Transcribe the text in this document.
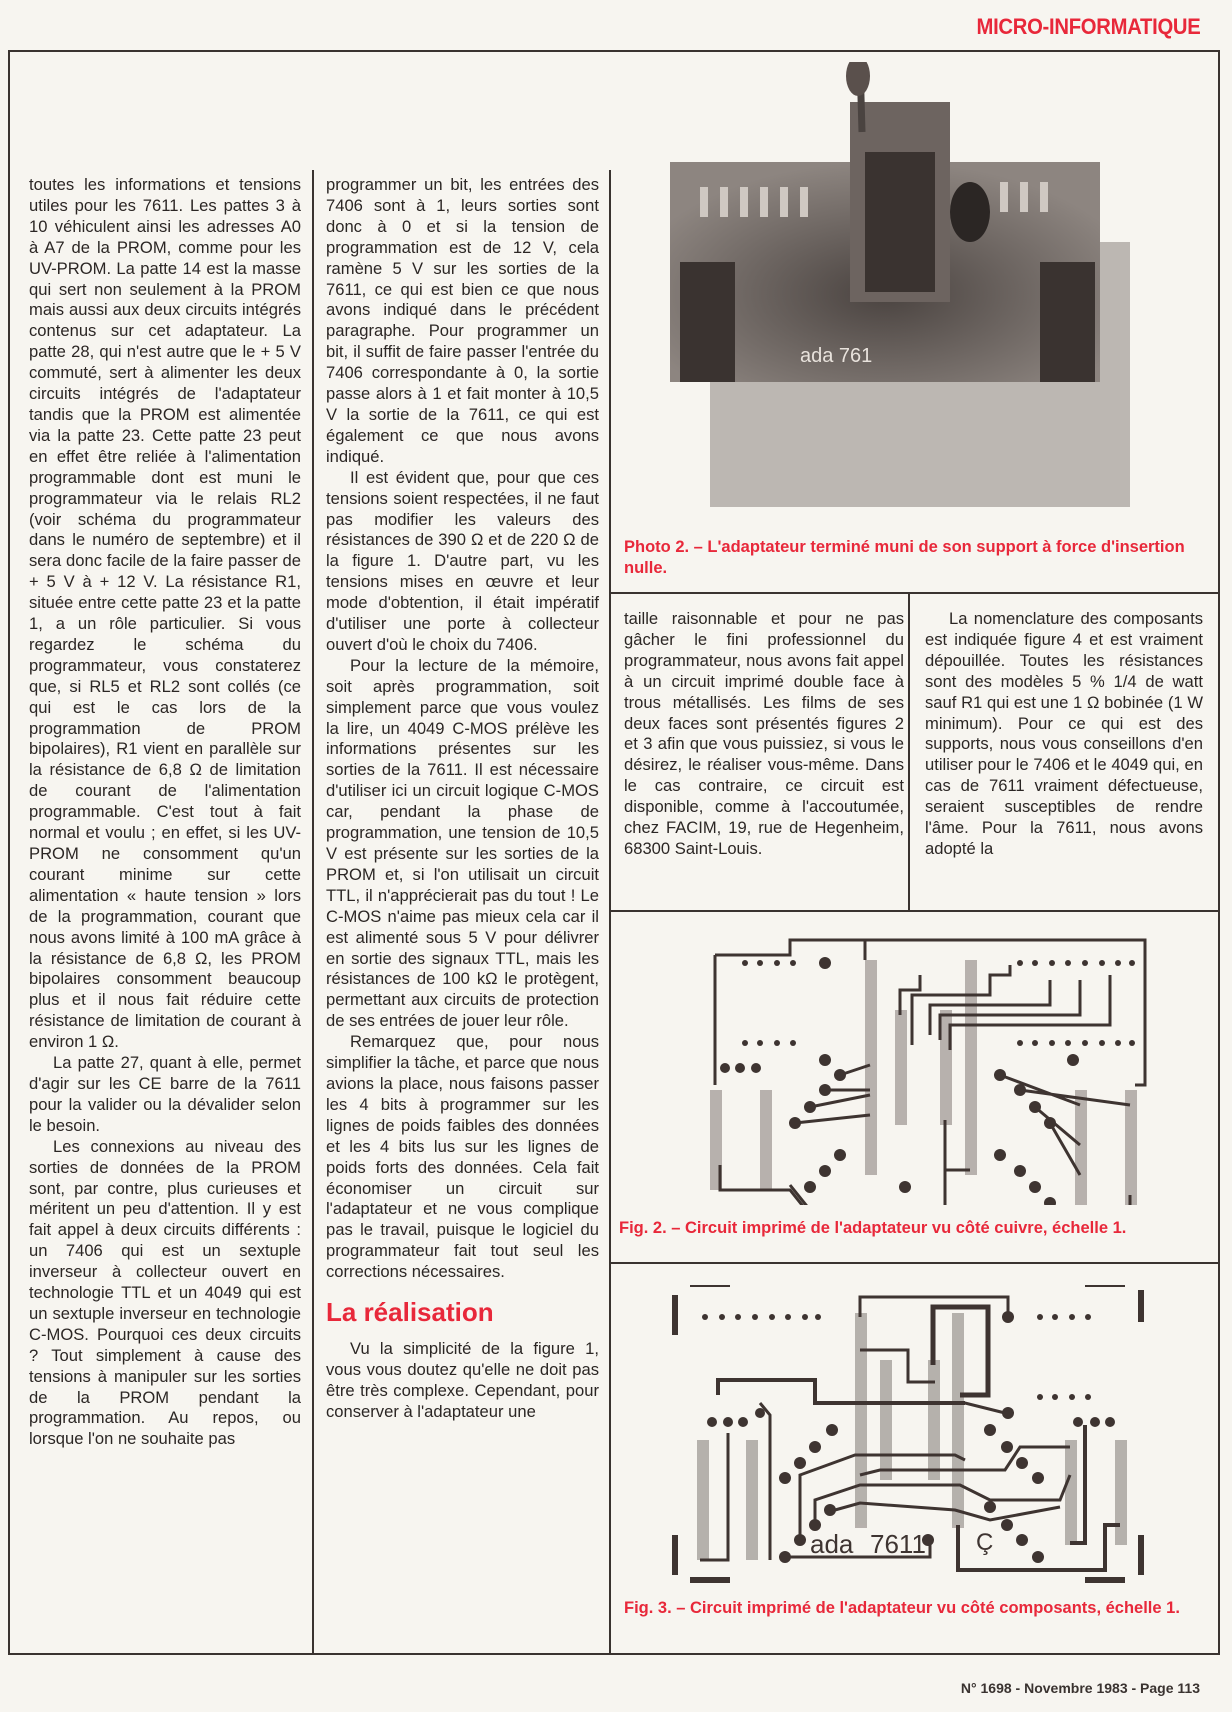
MICRO-INFORMATIQUE

toutes les informations et tensions utiles pour les 7611. Les pattes 3 à 10 véhiculent ainsi les adresses A0 à A7 de la PROM, comme pour les UV-PROM. La patte 14 est la masse qui sert non seulement à la PROM mais aussi aux deux circuits intégrés contenus sur cet adaptateur. La patte 28, qui n'est autre que le + 5 V commuté, sert à alimenter les deux circuits intégrés de l'adaptateur tandis que la PROM est alimentée via la patte 23. Cette patte 23 peut en effet être reliée à l'alimentation programmable dont est muni le programmateur via le relais RL2 (voir schéma du programmateur dans le numéro de septembre) et il sera donc facile de la faire passer de + 5 V à + 12 V. La résistance R1, située entre cette patte 23 et la patte 1, a un rôle particulier. Si vous regardez le schéma du programmateur, vous constaterez que, si RL5 et RL2 sont collés (ce qui est le cas lors de la programmation de PROM bipolaires), R1 vient en parallèle sur la résistance de 6,8 Ω de limitation de courant de l'alimentation programmable. C'est tout à fait normal et voulu ; en effet, si les UV-PROM ne consomment qu'un courant minime sur cette alimentation « haute tension » lors de la programmation, courant que nous avons limité à 100 mA grâce à la résistance de 6,8 Ω, les PROM bipolaires consomment beaucoup plus et il nous fait réduire cette résistance de limitation de courant à environ 1 Ω.

La patte 27, quant à elle, permet d'agir sur les CE barre de la 7611 pour la valider ou la dévalider selon le besoin.

Les connexions au niveau des sorties de données de la PROM sont, par contre, plus curieuses et méritent un peu d'attention. Il y est fait appel à deux circuits différents : un 7406 qui est un sextuple inverseur à collecteur ouvert en technologie TTL et un 4049 qui est un sextuple inverseur en technologie C-MOS. Pourquoi ces deux circuits ? Tout simplement à cause des tensions à manipuler sur les sorties de la PROM pendant la programmation. Au repos, ou lorsque l'on ne souhaite pas

programmer un bit, les entrées des 7406 sont à 1, leurs sorties sont donc à 0 et si la tension de programmation est de 12 V, cela ramène 5 V sur les sorties de la 7611, ce qui est bien ce que nous avons indiqué dans le précédent paragraphe. Pour programmer un bit, il suffit de faire passer l'entrée du 7406 correspondante à 0, la sortie passe alors à 1 et fait monter à 10,5 V la sortie de la 7611, ce qui est également ce que nous avons indiqué.

Il est évident que, pour que ces tensions soient respectées, il ne faut pas modifier les valeurs des résistances de 390 Ω et de 220 Ω de la figure 1. D'autre part, vu les tensions mises en œuvre et leur mode d'obtention, il était impératif d'utiliser une porte à collecteur ouvert d'où le choix du 7406.

Pour la lecture de la mémoire, soit après programmation, soit simplement parce que vous voulez la lire, un 4049 C-MOS prélève les informations présentes sur les sorties de la 7611. Il est nécessaire d'utiliser ici un circuit logique C-MOS car, pendant la phase de programmation, une tension de 10,5 V est présente sur les sorties de la PROM et, si l'on utilisait un circuit TTL, il n'apprécierait pas du tout ! Le C-MOS n'aime pas mieux cela car il est alimenté sous 5 V pour délivrer en sortie des signaux TTL, mais les résistances de 100 kΩ le protègent, permettant aux circuits de protection de ses entrées de jouer leur rôle.

Remarquez que, pour nous simplifier la tâche, et parce que nous avions la place, nous faisons passer les 4 bits à programmer sur les lignes de poids faibles des données et les 4 bits lus sur les lignes de poids forts des données. Cela fait économiser un circuit sur l'adaptateur et ne vous complique pas le travail, puisque le logiciel du programmateur fait tout seul les corrections nécessaires.

La réalisation

Vu la simplicité de la figure 1, vous vous doutez qu'elle ne doit pas être très complexe. Cependant, pour conserver à l'adaptateur une

ada 761
Photo 2. – L'adaptateur terminé muni de son support à force d'insertion nulle.

taille raisonnable et pour ne pas gâcher le fini professionnel du programmateur, nous avons fait appel à un circuit imprimé double face à trous métallisés. Les films de ses deux faces sont présentés figures 2 et 3 afin que vous puissiez, si vous le désirez, le réaliser vous-même. Dans le cas contraire, ce circuit est disponible, comme à l'accoutumée, chez FACIM, 19, rue de Hegenheim, 68300 Saint-Louis.

La nomenclature des composants est indiquée figure 4 et est vraiment dépouillée. Toutes les résistances sont des modèles 5 % 1/4 de watt sauf R1 qui est une 1 Ω bobinée (1 W minimum). Pour ce qui est des supports, nous vous conseillons d'en utiliser pour le 7406 et le 4049 qui, en cas de 7611 vraiment défectueuse, seraient susceptibles de rendre l'âme. Pour la 7611, nous avons adopté la

Fig. 2. – Circuit imprimé de l'adaptateur vu côté cuivre, échelle 1.
ada 7611 Ç
Fig. 3. – Circuit imprimé de l'adaptateur vu côté composants, échelle 1.
N° 1698 - Novembre 1983 - Page 113
